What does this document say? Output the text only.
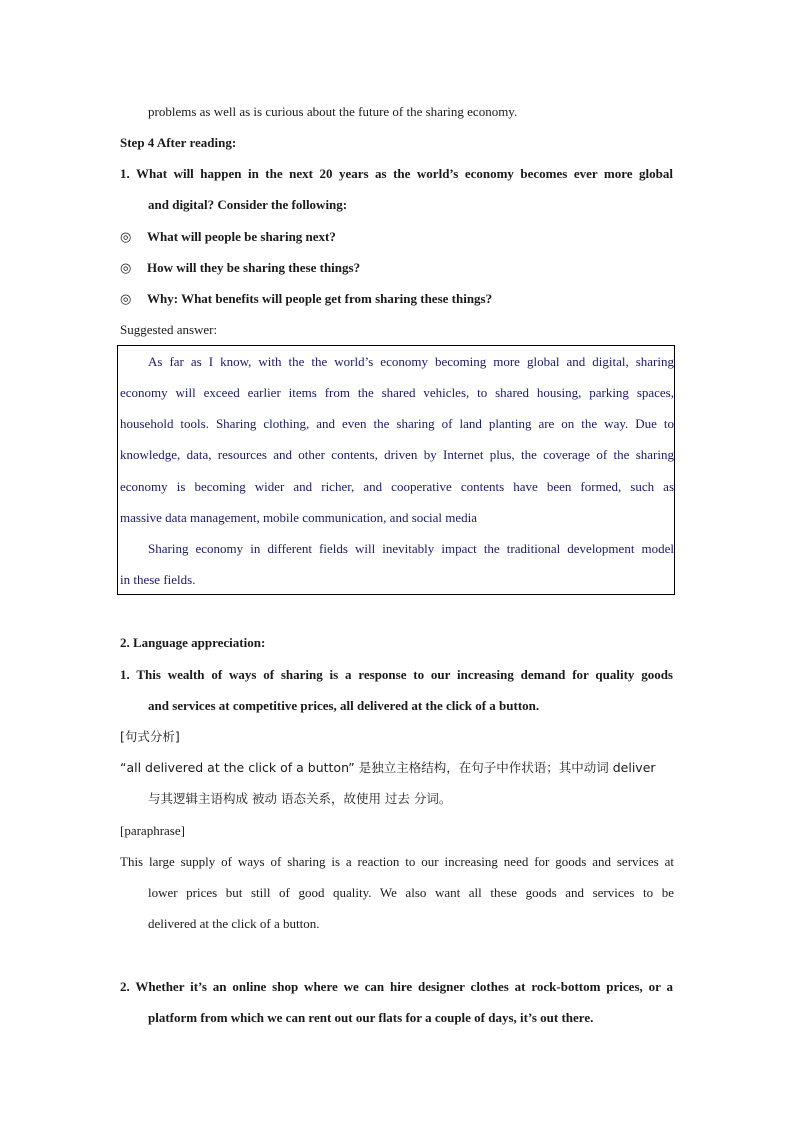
problems as well as is curious about the future of the sharing economy.
Step 4 After reading:
1. What will happen in the next 20 years as the world’s economy becomes ever more global
and digital? Consider the following:
◎ What will people be sharing next?
◎ How will they be sharing these things?
◎ Why: What benefits will people get from sharing these things?
Suggested answer:
As far as I know, with the the world’s economy becoming more global and digital, sharing
economy will exceed earlier items from the shared vehicles, to shared housing, parking spaces,
household tools. Sharing clothing, and even the sharing of land planting are on the way. Due to
knowledge, data, resources and other contents, driven by Internet plus, the coverage of the sharing
economy is becoming wider and richer, and cooperative contents have been formed, such as
massive data management, mobile communication, and social media
Sharing economy in different fields will inevitably impact the traditional development model
in these fields.
2. Language appreciation:
1. This wealth of ways of sharing is a response to our increasing demand for quality goods
and services at competitive prices, all delivered at the click of a button.
[句式分析]
“all delivered at the click of a button” 是独立主格结构，在句子中作状语；其中动词 deliver
与其逻辑主语构成 被动 语态关系，故使用 过去 分词。
[paraphrase]
This large supply of ways of sharing is a reaction to our increasing need for goods and services at
lower prices but still of good quality. We also want all these goods and services to be
delivered at the click of a button.
2. Whether it’s an online shop where we can hire designer clothes at rock-bottom prices, or a
platform from which we can rent out our flats for a couple of days, it’s out there.
